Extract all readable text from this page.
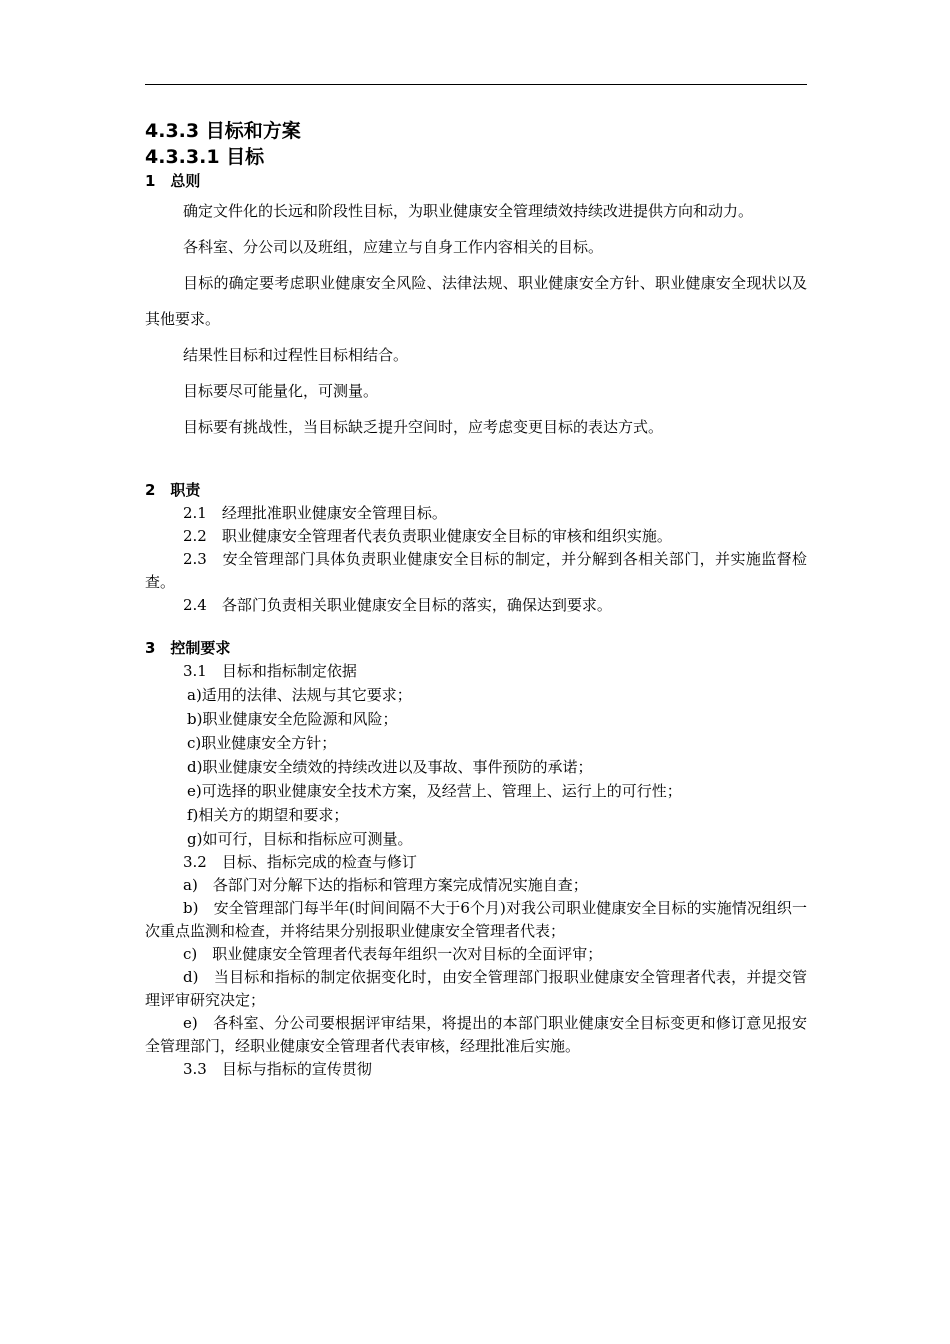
4.3.3 目标和方案
4.3.3.1 目标
1　总则
确定文件化的长远和阶段性目标，为职业健康安全管理绩效持续改进提供方向和动力。
各科室、分公司以及班组，应建立与自身工作内容相关的目标。
目标的确定要考虑职业健康安全风险、法律法规、职业健康安全方针、职业健康安全现状以及其他要求。
结果性目标和过程性目标相结合。
目标要尽可能量化，可测量。
目标要有挑战性，当目标缺乏提升空间时，应考虑变更目标的表达方式。
2　职责
2.1　经理批准职业健康安全管理目标。
2.2　职业健康安全管理者代表负责职业健康安全目标的审核和组织实施。
2.3　安全管理部门具体负责职业健康安全目标的制定，并分解到各相关部门，并实施监督检查。
2.4　各部门负责相关职业健康安全目标的落实，确保达到要求。
3　控制要求
3.1　目标和指标制定依据
a)适用的法律、法规与其它要求；
b)职业健康安全危险源和风险；
c)职业健康安全方针；
d)职业健康安全绩效的持续改进以及事故、事件预防的承诺；
e)可选择的职业健康安全技术方案，及经营上、管理上、运行上的可行性；
f)相关方的期望和要求；
g)如可行，目标和指标应可测量。
3.2　目标、指标完成的检查与修订
a)　各部门对分解下达的指标和管理方案完成情况实施自查；
b)　安全管理部门每半年(时间间隔不大于6个月)对我公司职业健康安全目标的实施情况组织一次重点监测和检查，并将结果分别报职业健康安全管理者代表；
c)　职业健康安全管理者代表每年组织一次对目标的全面评审；
d)　当目标和指标的制定依据变化时，由安全管理部门报职业健康安全管理者代表，并提交管理评审研究决定；
e)　各科室、分公司要根据评审结果，将提出的本部门职业健康安全目标变更和修订意见报安全管理部门，经职业健康安全管理者代表审核，经理批准后实施。
3.3　目标与指标的宣传贯彻
